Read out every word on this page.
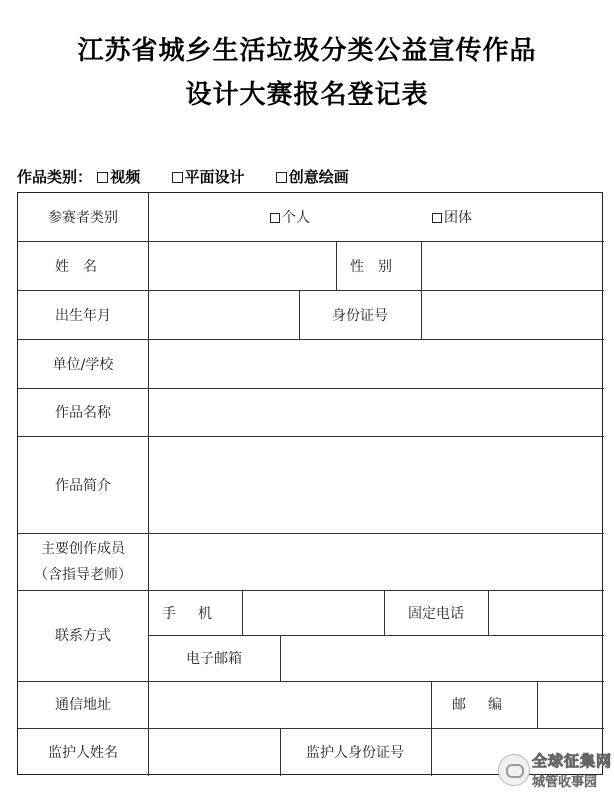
江苏省城乡生活垃圾分类公益宣传作品
设计大赛报名登记表
作品类别： 视频	平面设计	创意绘画
参赛者类别	个人	团体
姓名	性别
出生年月	身份证号
单位/学校
作品名称
作品简介
主要创作成员
（含指导老师）
联系方式
手机	固定电话
电子邮箱
通信地址	邮编
监护人姓名	监护人身份证号	全球征集网
城管收事园
